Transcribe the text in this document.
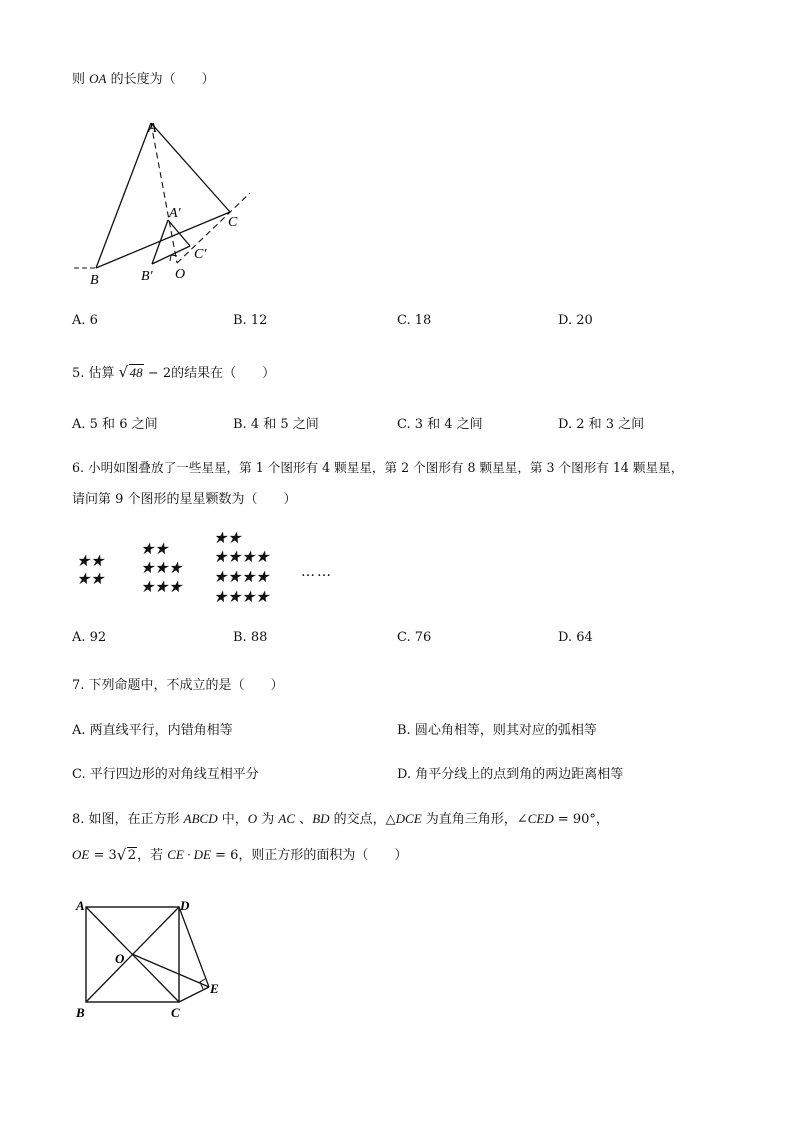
则 OA 的长度为（　　）
A
A′
B	B′
C
C′
O
A. 6	B. 12	C. 18	D. 20
5. 估算 √ 48 − 2的结果在（　　）
A. 5 和 6 之间	B. 4 和 5 之间	C. 3 和 4 之间	D. 2 和 3 之间
6. 小明如图叠放了一些星星，第 1 个图形有 4 颗星星，第 2 个图形有 8 颗星星，第 3 个图形有 14 颗星星，
请问第 9 个图形的星星颗数为（　　）
★ ★
★ ★
★ ★
★ ★ ★
★ ★ ★
★ ★
★ ★ ★ ★
★ ★ ★ ★
★ ★ ★ ★
……
A. 92	B. 88	C. 76	D. 64
7. 下列命题中，不成立的是（　　）
A. 两直线平行，内错角相等	B. 圆心角相等，则其对应的弧相等
C. 平行四边形的对角线互相平分	D. 角平分线上的点到角的两边距离相等
8. 如图，在正方形 ABCD 中，O 为 AC 、BD 的交点，△DCE 为直角三角形，∠CED = 90°，
OE = 3 √ 2，若 CE · DE = 6，则正方形的面积为（　　）
A	D
O
B	C
E
